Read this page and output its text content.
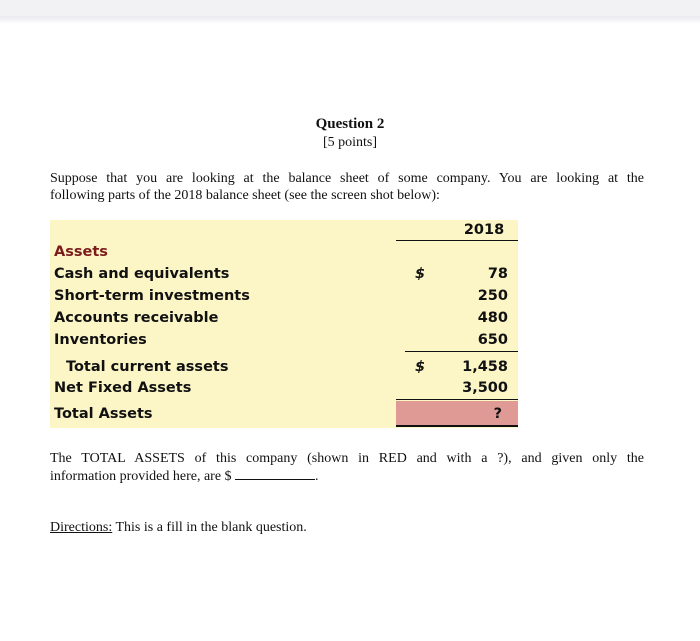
Question 2
[5 points]
Suppose that you are looking at the balance sheet of some company. You are looking at the
following parts of the 2018 balance sheet (see the screen shot below):
2018
Assets
Cash and equivalents	$	78
Short-term investments	250
Accounts receivable	480
Inventories	650
Total current assets	$	1,458
Net Fixed Assets	3,500
Total Assets	?
The TOTAL ASSETS of this company (shown in RED and with a ?), and given only the
information provided here, are $	.
Directions: This is a fill in the blank question.
